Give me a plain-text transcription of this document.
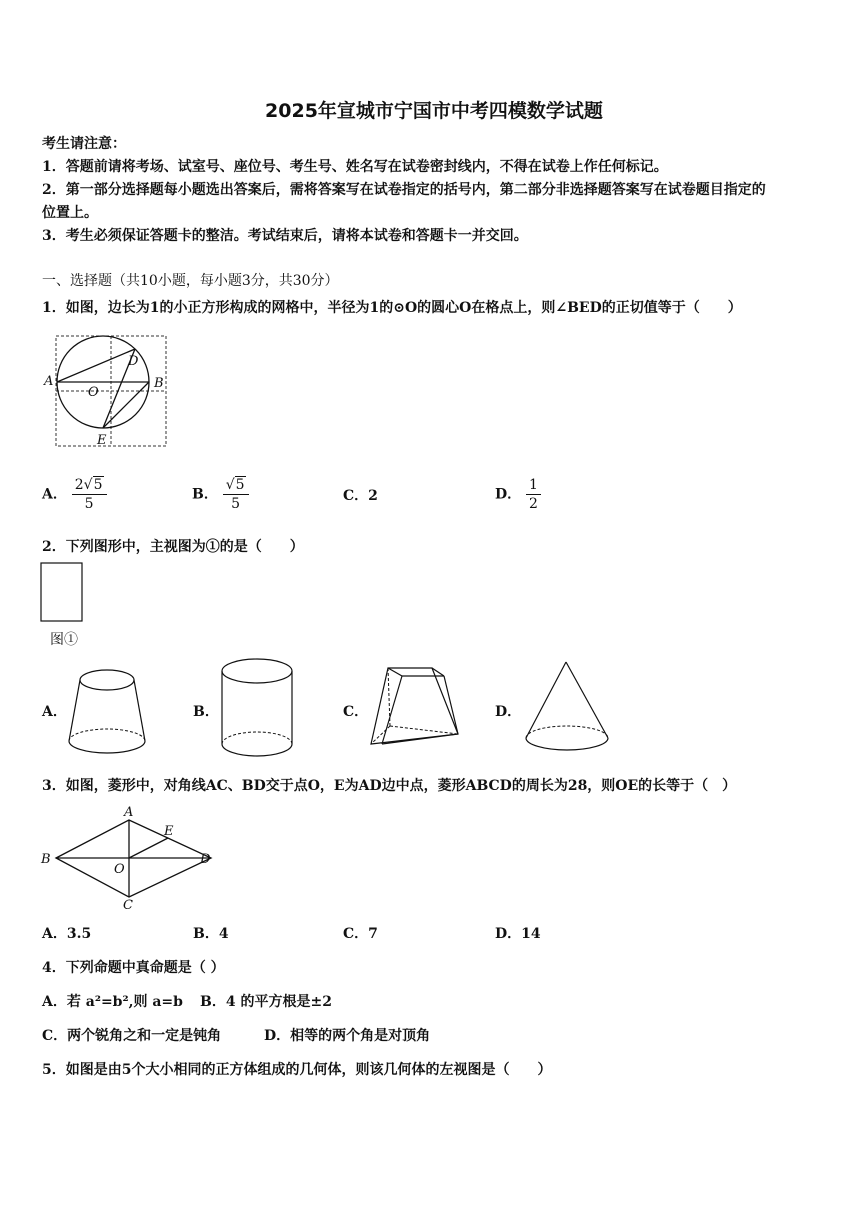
2025年宣城市宁国市中考四模数学试题
考生请注意：
1．答题前请将考场、试室号、座位号、考生号、姓名写在试卷密封线内，不得在试卷上作任何标记。
2．第一部分选择题每小题选出答案后，需将答案写在试卷指定的括号内，第二部分非选择题答案写在试卷题目指定的
位置上。
3．考生必须保证答题卡的整洁。考试结束后，请将本试卷和答题卡一并交回。
一、选择题（共10小题，每小题3分，共30分）
1．如图，边长为1的小正方形构成的网格中，半径为1的⊙O的圆心O在格点上，则∠BED的正切值等于（　　）
A
O
B
D
E
A． $\frac{2√5}{5}$	B． $\frac{√5}{5}$	C．2	D． $\frac{1}{2}$
2．下列图形中，主视图为①的是（　　）
图①
A．	B．	C．	D．
3．如图，菱形中，对角线AC、BD交于点O，E为AD边中点，菱形ABCD的周长为28，则OE的长等于（　）
A
E
B
O
D
C
A．3.5	B．4	C．7	D．14
4．下列命题中真命题是（ ）
A．若 a²=b²,则 a=b B．4 的平方根是±2
C．两个锐角之和一定是钝角	D．相等的两个角是对顶角
5．如图是由5个大小相同的正方体组成的几何体，则该几何体的左视图是（　　）
